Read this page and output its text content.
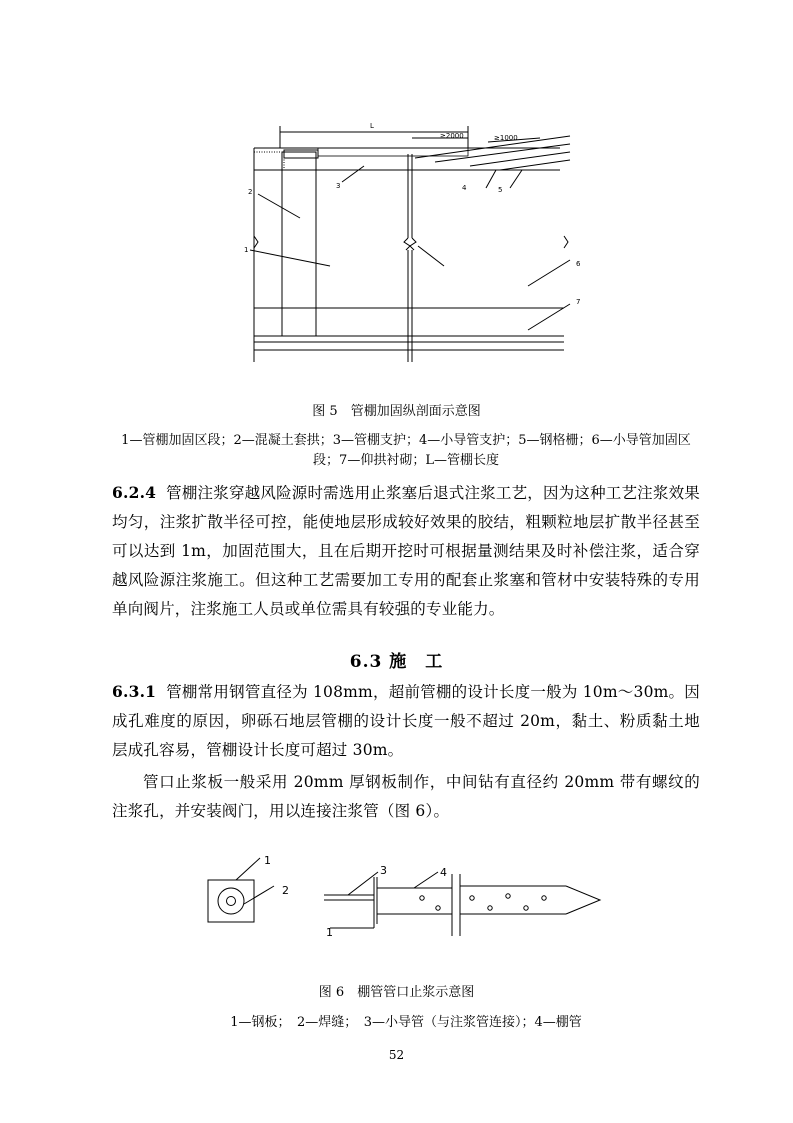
L
≥2000	≥1000
2
1
3	4	5
6
7
图 5　管棚加固纵剖面示意图
1—管棚加固区段；2—混凝土套拱；3—管棚支护；4—小导管支护；5—钢格栅；6—小导管加固区段；7—仰拱衬砌；L—管棚长度
6.2.4 管棚注浆穿越风险源时需选用止浆塞后退式注浆工艺，因为这种工艺注浆效果均匀，注浆扩散半径可控，能使地层形成较好效果的胶结，粗颗粒地层扩散半径甚至可以达到 1m，加固范围大，且在后期开挖时可根据量测结果及时补偿注浆，适合穿越风险源注浆施工。但这种工艺需要加工专用的配套止浆塞和管材中安装特殊的专用单向阀片，注浆施工人员或单位需具有较强的专业能力。
6.3 施　工
6.3.1 管棚常用钢管直径为 108mm，超前管棚的设计长度一般为 10m～30m。因成孔难度的原因，卵砾石地层管棚的设计长度一般不超过 20m，黏土、粉质黏土地层成孔容易，管棚设计长度可超过 30m。
管口止浆板一般采用 20mm 厚钢板制作，中间钻有直径约 20mm 带有螺纹的注浆孔，并安装阀门，用以连接注浆管（图 6）。
1
2
3	4
1
图 6　棚管管口止浆示意图
1—钢板；　2—焊缝；　3—小导管（与注浆管连接）；4—棚管
52
